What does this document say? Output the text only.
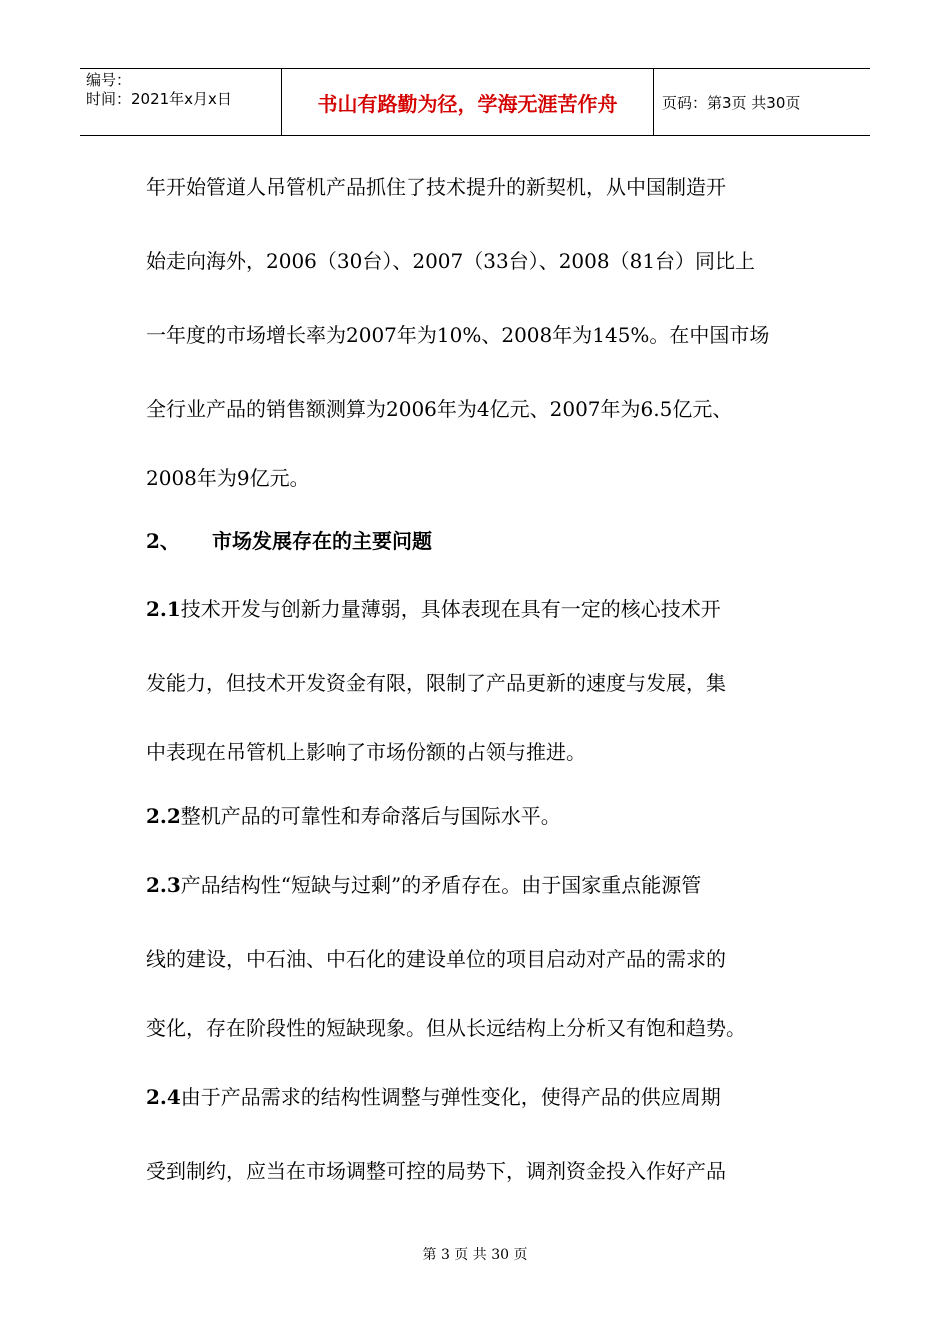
编号：
时间：2021年x月x日	书山有路勤为径，学海无涯苦作舟	页码：第3页 共30页

年开始管道人吊管机产品抓住了技术提升的新契机，从中国制造开
始走向海外，2006（30台）、2007（33台）、2008（81台）同比上
一年度的市场增长率为2007年为10%、2008年为145%。在中国市场
全行业产品的销售额测算为2006年为4亿元、2007年为6.5亿元、
2008年为9亿元。

2、 市场发展存在的主要问题

2.1技术开发与创新力量薄弱，具体表现在具有一定的核心技术开
发能力，但技术开发资金有限，限制了产品更新的速度与发展，集
中表现在吊管机上影响了市场份额的占领与推进。

2.2整机产品的可靠性和寿命落后与国际水平。

2.3产品结构性“短缺与过剩”的矛盾存在。由于国家重点能源管
线的建设，中石油、中石化的建设单位的项目启动对产品的需求的
变化，存在阶段性的短缺现象。但从长远结构上分析又有饱和趋势。

2.4由于产品需求的结构性调整与弹性变化，使得产品的供应周期
受到制约，应当在市场调整可控的局势下，调剂资金投入作好产品

第 3 页 共 30 页
